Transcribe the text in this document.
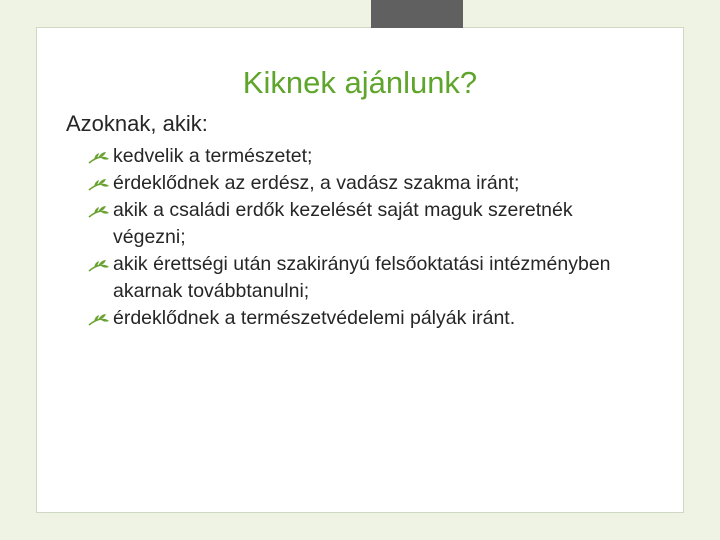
Kiknek ajánlunk?
Azoknak, akik:
kedvelik a természetet;
érdeklődnek az erdész, a vadász szakma iránt;
akik a családi erdők kezelését saját maguk szeretnék végezni;
akik érettségi után szakirányú felsőoktatási intézményben akarnak továbbtanulni;
érdeklődnek a természetvédelemi pályák iránt.
